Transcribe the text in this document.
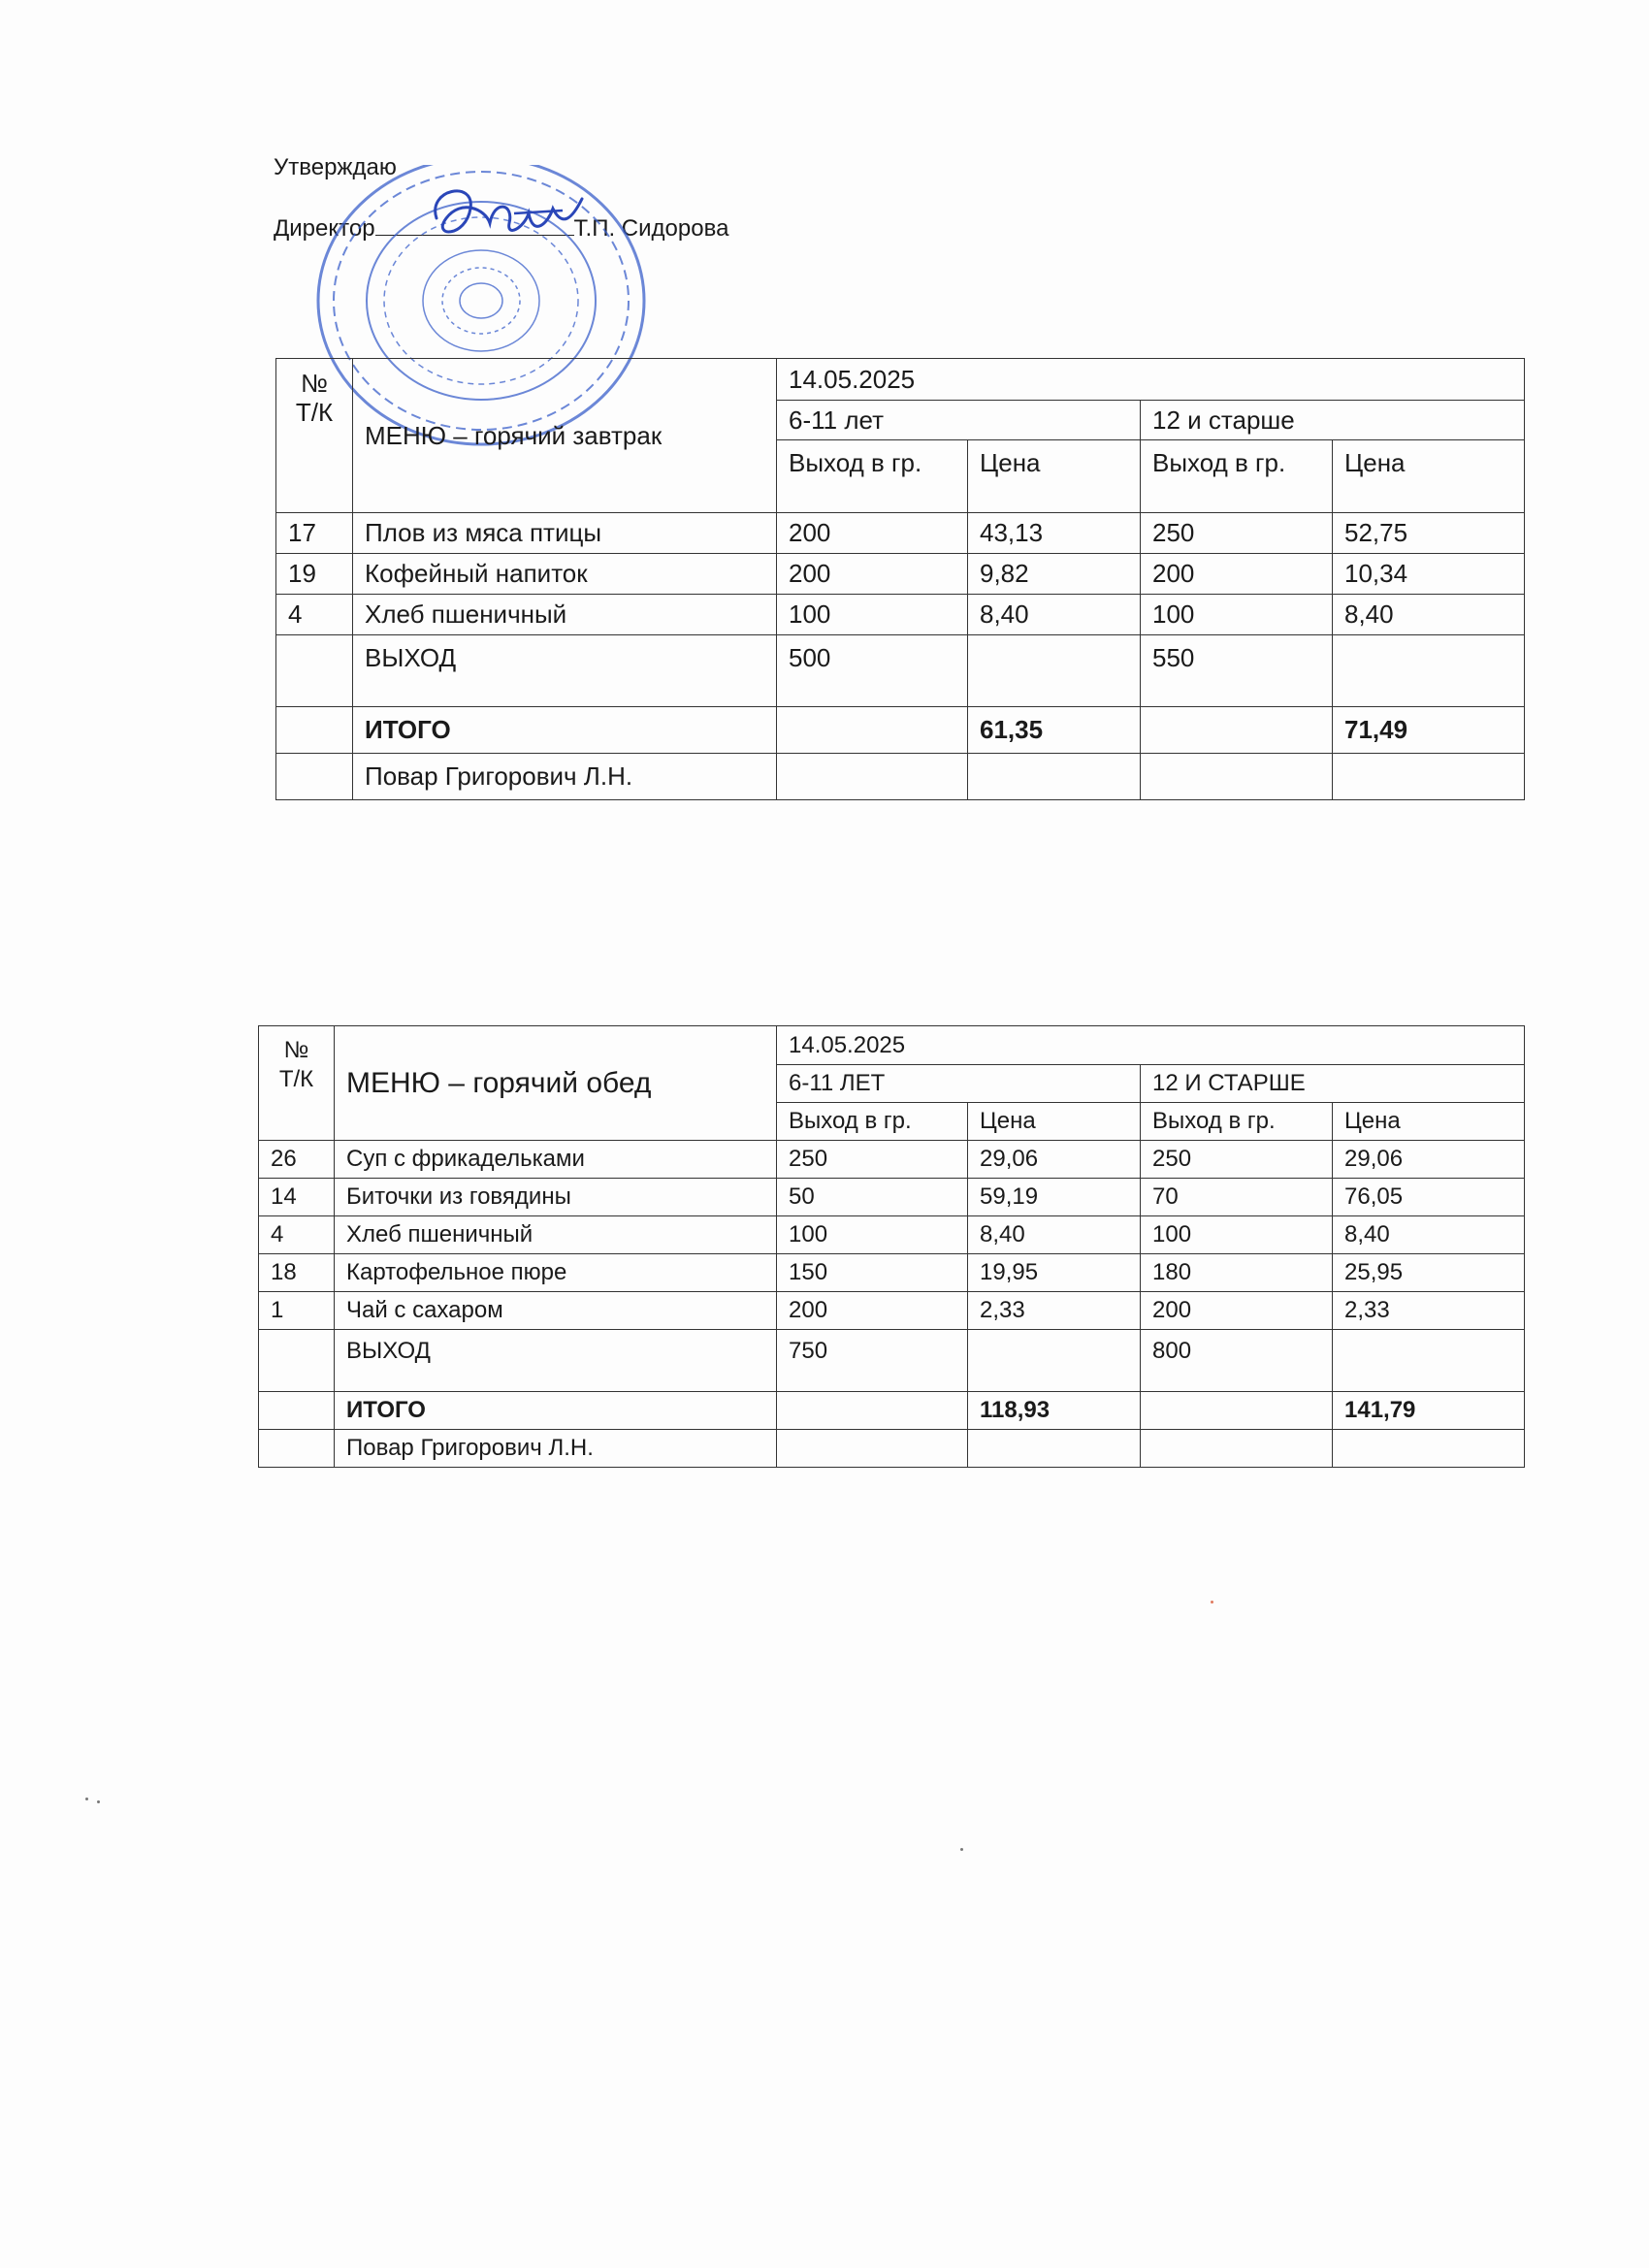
Утверждаю
Директор	Т.П. Сидорова
№
Т/К	МЕНЮ – горячий завтрак	14.05.2025			
		6-11 лет		12 и старше	
		Выход в гр.	Цена	Выход в гр.	Цена
17	Плов из мяса птицы	200	43,13	250	52,75
19	Кофейный напиток	200	9,82	200	10,34
4	Хлеб пшеничный	100	8,40	100	8,40
	ВЫХОД	500		550	
	ИТОГО		61,35		71,49
	Повар Григорович Л.Н.				
№
Т/К	МЕНЮ – горячий обед	14.05.2025			
		6-11 ЛЕТ		12 И СТАРШЕ	
		Выход в гр.	Цена	Выход в гр.	Цена
26	Суп с фрикадельками	250	29,06	250	29,06
14	Биточки из говядины	50	59,19	70	76,05
4	Хлеб пшеничный	100	8,40	100	8,40
18	Картофельное пюре	150	19,95	180	25,95
1	Чай с сахаром	200	2,33	200	2,33
	ВЫХОД	750		800	
	ИТОГО		118,93		141,79
	Повар Григорович Л.Н.				
